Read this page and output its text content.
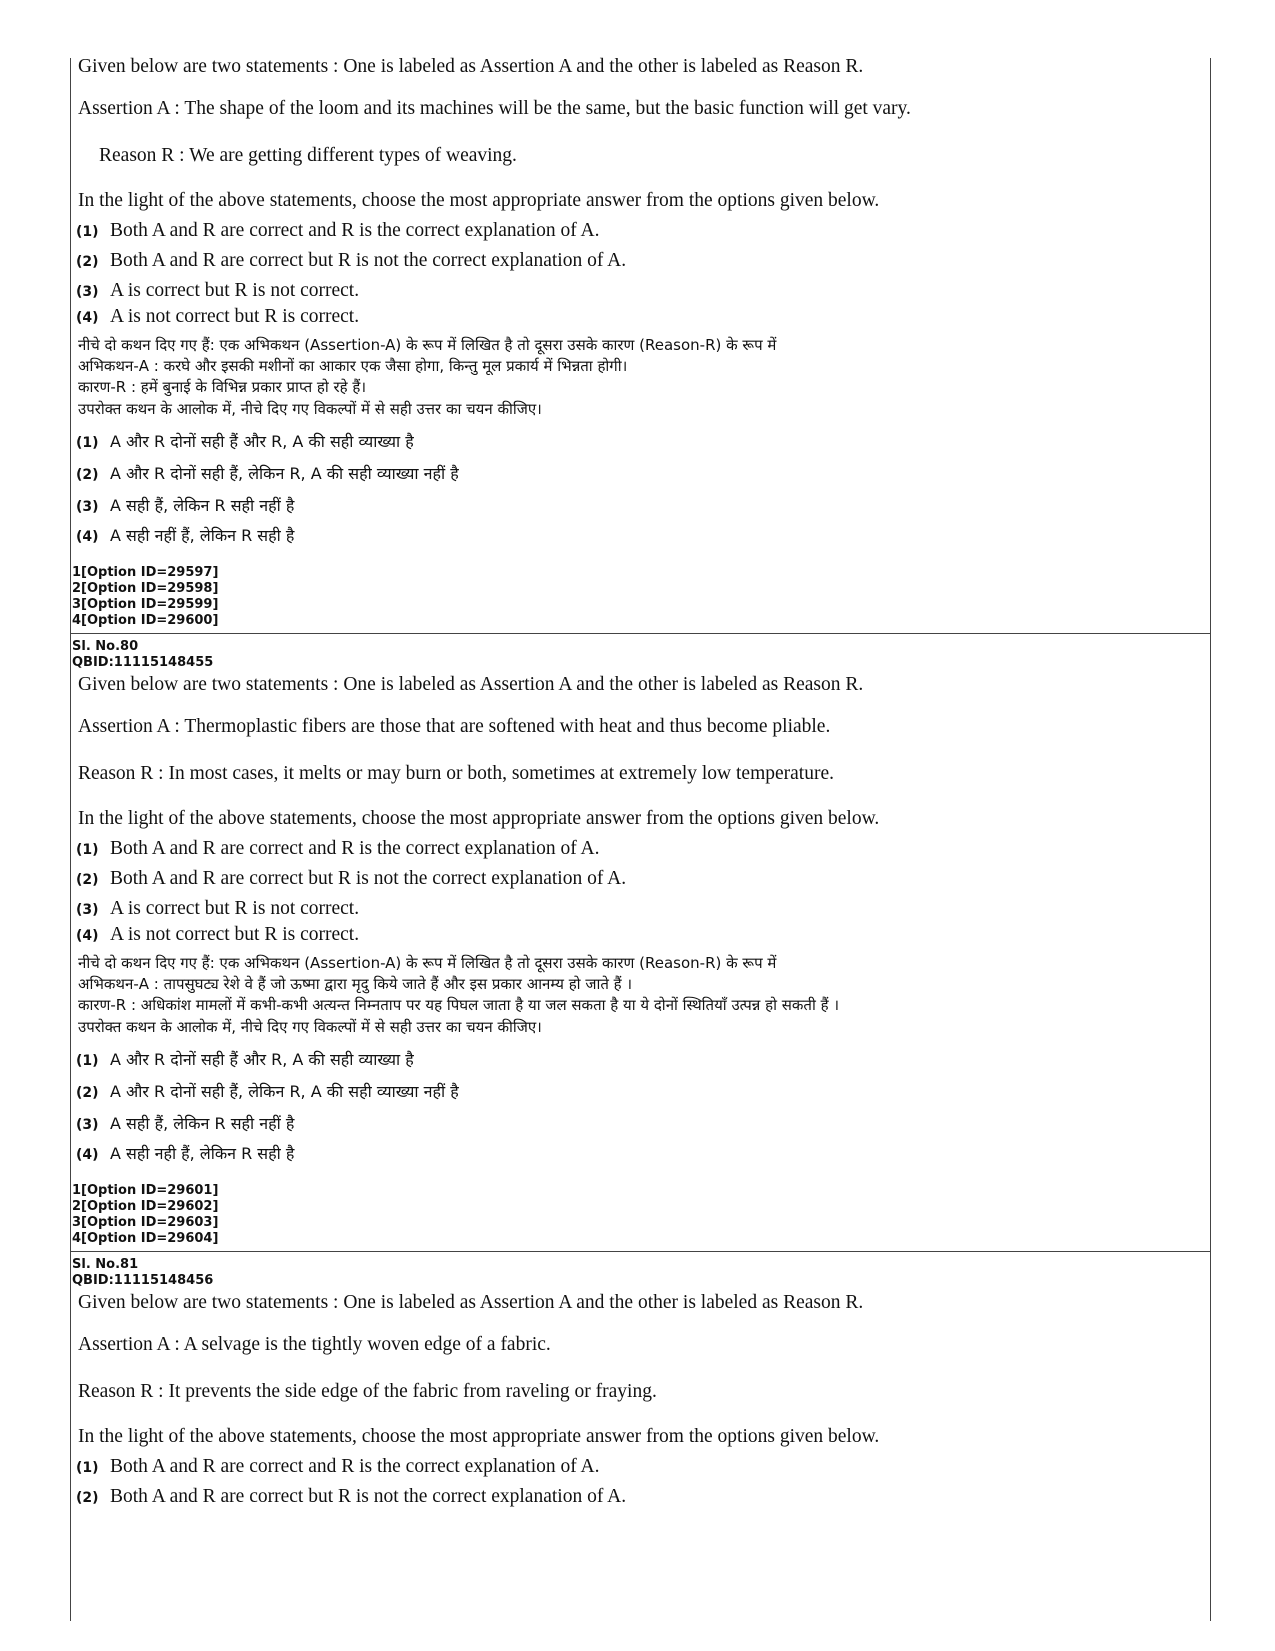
Given below are two statements : One is labeled as Assertion A and the other is labeled as Reason R.
Assertion A : The shape of the loom and its machines will be the same, but the basic function will get vary.
Reason R : We are getting different types of weaving.
In the light of the above statements, choose the most appropriate answer from the options given below.
(1) Both A and R are correct and R is the correct explanation of A.
(2) Both A and R are correct but R is not the correct explanation of A.
(3) A is correct but R is not correct.
(4) A is not correct but R is correct.
नीचे दो कथन दिए गए हैं: एक अभिकथन (Assertion-A) के रूप में लिखित है तो दूसरा उसके कारण (Reason-R) के रूप में
अभिकथन-A : करघे और इसकी मशीनों का आकार एक जैसा होगा, किन्तु मूल प्रकार्य में भिन्नता होगी।
कारण-R : हमें बुनाई के विभिन्न प्रकार प्राप्त हो रहे हैं।
उपरोक्त कथन के आलोक में, नीचे दिए गए विकल्पों में से सही उत्तर का चयन कीजिए।
(1) A और R दोनों सही हैं और R, A की सही व्याख्या है
(2) A और R दोनों सही हैं, लेकिन R, A की सही व्याख्या नहीं है
(3) A सही हैं, लेकिन R सही नहीं है
(4) A सही नहीं हैं, लेकिन R सही है
1[Option ID=29597]
2[Option ID=29598]
3[Option ID=29599]
4[Option ID=29600]
Sl. No.80
QBID:11115148455
Given below are two statements : One is labeled as Assertion A and the other is labeled as Reason R.
Assertion A : Thermoplastic fibers are those that are softened with heat and thus become pliable.
Reason R : In most cases, it melts or may burn or both, sometimes at extremely low temperature.
In the light of the above statements, choose the most appropriate answer from the options given below.
(1) Both A and R are correct and R is the correct explanation of A.
(2) Both A and R are correct but R is not the correct explanation of A.
(3) A is correct but R is not correct.
(4) A is not correct but R is correct.
नीचे दो कथन दिए गए हैं: एक अभिकथन (Assertion-A) के रूप में लिखित है तो दूसरा उसके कारण (Reason-R) के रूप में
अभिकथन-A : तापसुघट्य रेशे वे हैं जो ऊष्मा द्वारा मृदु किये जाते हैं और इस प्रकार आनम्य हो जाते हैं ।
कारण-R : अधिकांश मामलों में कभी-कभी अत्यन्त निम्नताप पर यह पिघल जाता है या जल सकता है या ये दोनों स्थितियाँ उत्पन्न हो सकती हैं ।
उपरोक्त कथन के आलोक में, नीचे दिए गए विकल्पों में से सही उत्तर का चयन कीजिए।
(1) A और R दोनों सही हैं और R, A की सही व्याख्या है
(2) A और R दोनों सही हैं, लेकिन R, A की सही व्याख्या नहीं है
(3) A सही हैं, लेकिन R सही नहीं है
(4) A सही नही हैं, लेकिन R सही है
1[Option ID=29601]
2[Option ID=29602]
3[Option ID=29603]
4[Option ID=29604]
Sl. No.81
QBID:11115148456
Given below are two statements : One is labeled as Assertion A and the other is labeled as Reason R.
Assertion A : A selvage is the tightly woven edge of a fabric.
Reason R : It prevents the side edge of the fabric from raveling or fraying.
In the light of the above statements, choose the most appropriate answer from the options given below.
(1) Both A and R are correct and R is the correct explanation of A.
(2) Both A and R are correct but R is not the correct explanation of A.
